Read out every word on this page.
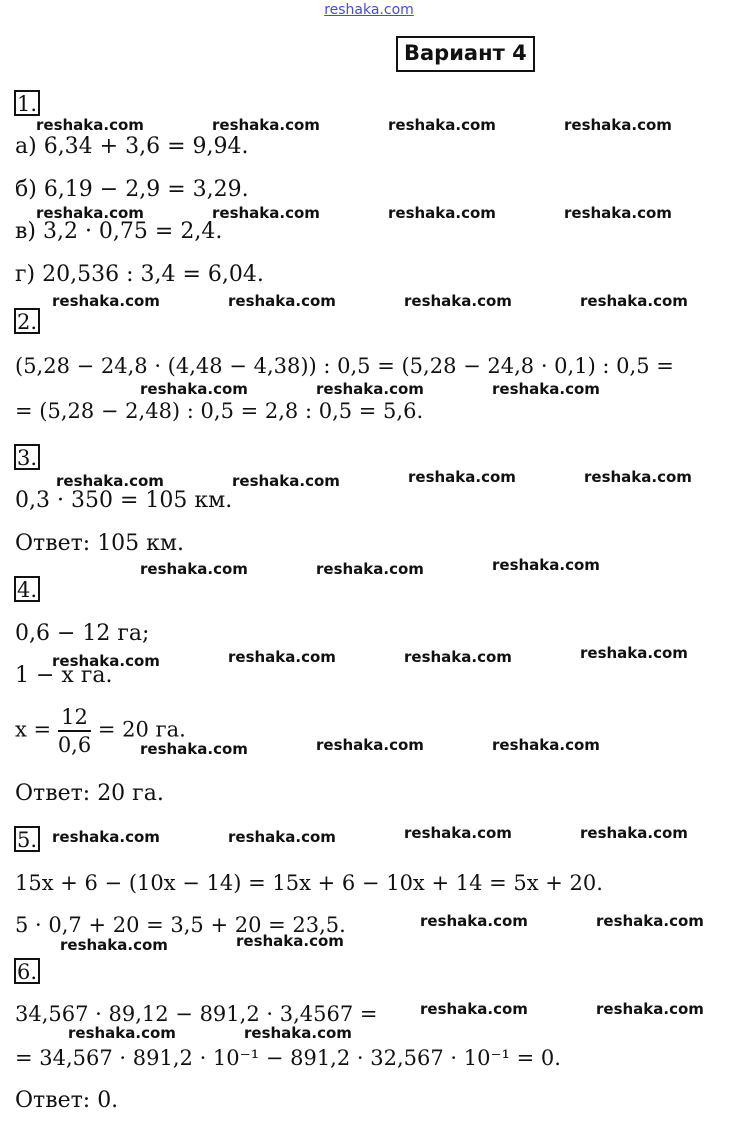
reshaka.com
Вариант 4
1.
а) 6,34 + 3,6 = 9,94.
б) 6,19 − 2,9 = 3,29.
в) 3,2 · 0,75 = 2,4.
г) 20,536 : 3,4 = 6,04.
2.
(5,28 − 24,8 · (4,48 − 4,38)) : 0,5 = (5,28 − 24,8 · 0,1) : 0,5 =
= (5,28 − 2,48) : 0,5 = 2,8 : 0,5 = 5,6.
3.
0,3 · 350 = 105 км.
Ответ: 105 км.
4.
0,6 − 12 га;
1 − x га.
$x = \frac{12}{0,6} = 20$ га.
Ответ: 20 га.
5.
15x + 6 − (10x − 14) = 15x + 6 − 10x + 14 = 5x + 20.
5 · 0,7 + 20 = 3,5 + 20 = 23,5.
6.
34,567 · 89,12 − 891,2 · 3,4567 =
= 34,567 · 891,2 · 10⁻¹ − 891,2 · 32,567 · 10⁻¹ = 0.
Ответ: 0.
reshaka.com	reshaka.com	reshaka.com	reshaka.com
reshaka.com	reshaka.com	reshaka.com	reshaka.com
reshaka.com	reshaka.com	reshaka.com	reshaka.com
reshaka.com	reshaka.com	reshaka.com
reshaka.com	reshaka.com	reshaka.com	reshaka.com
reshaka.com	reshaka.com	reshaka.com
reshaka.com	reshaka.com	reshaka.com	reshaka.com
reshaka.com	reshaka.com	reshaka.com
reshaka.com	reshaka.com	reshaka.com	reshaka.com
reshaka.com	reshaka.com
reshaka.com	reshaka.com
reshaka.com	reshaka.com
reshaka.com	reshaka.com
